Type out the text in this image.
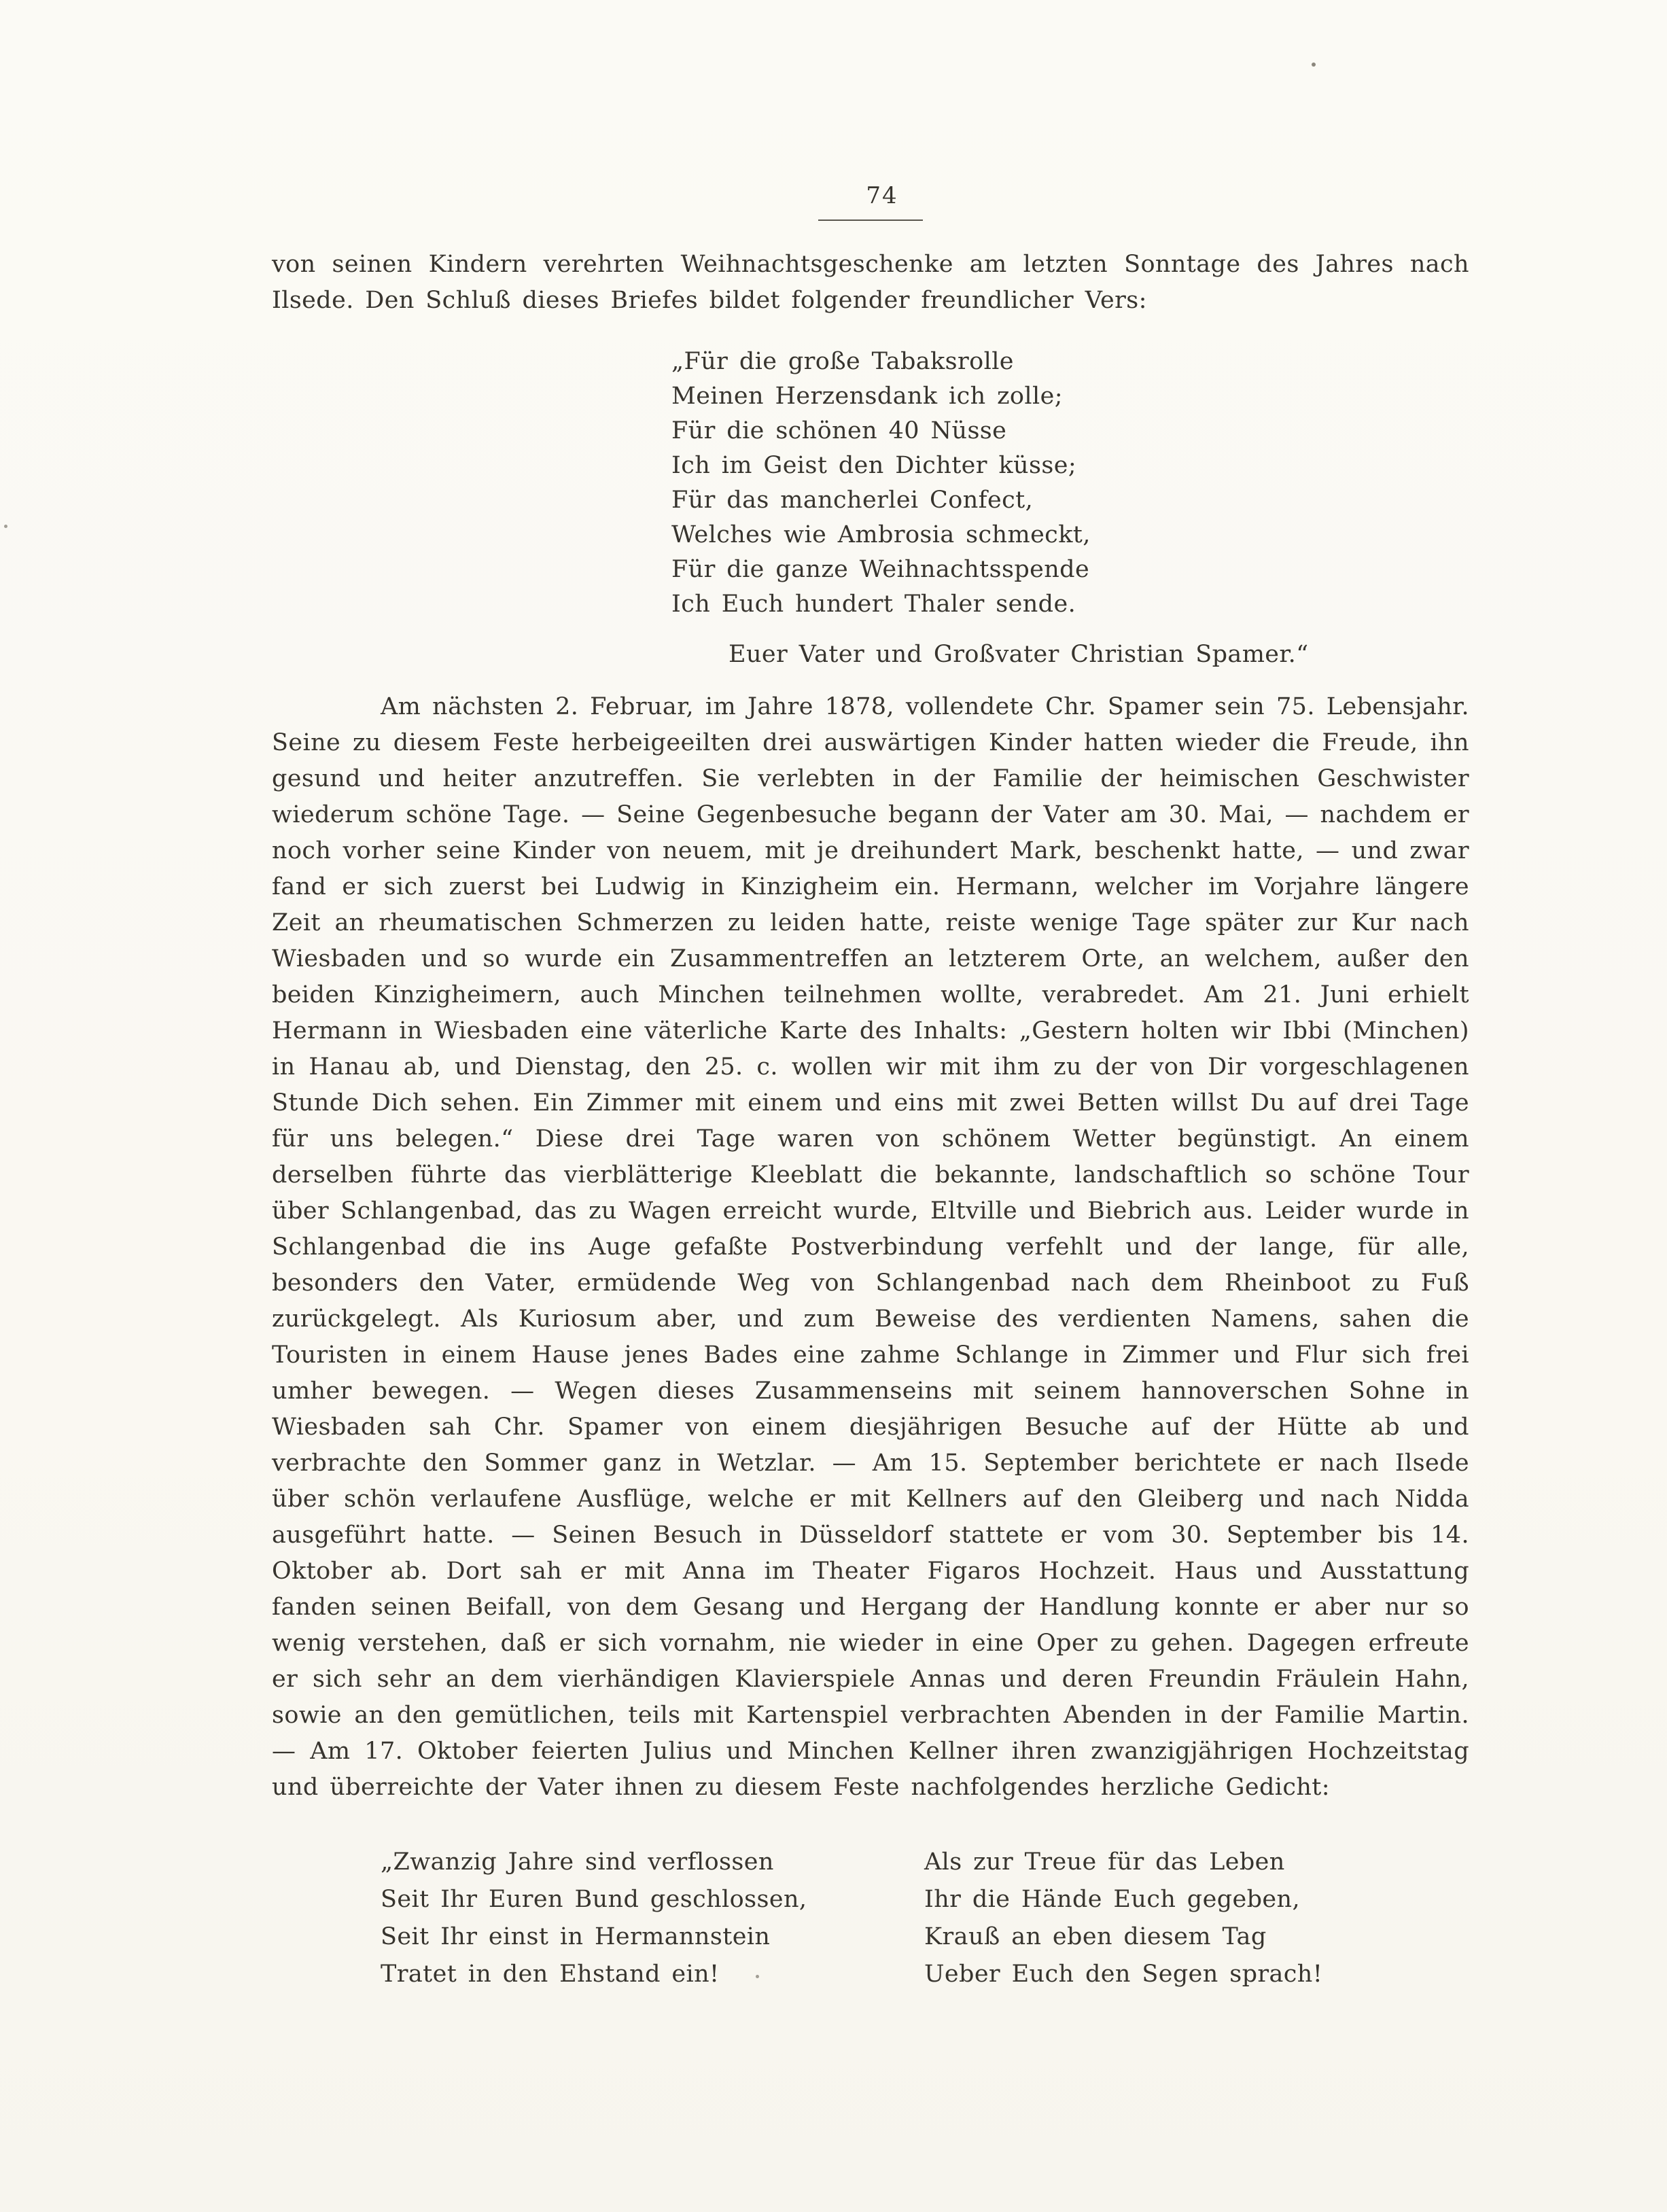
74

von seinen Kindern verehrten Weihnachtsgeschenke am letzten Sonntage des Jahres nach Ilsede. Den Schluß dieses Briefes bildet folgender freundlicher Vers:

„Für die große Tabaksrolle
Meinen Herzensdank ich zolle;
Für die schönen 40 Nüsse
Ich im Geist den Dichter küsse;
Für das mancherlei Confect,
Welches wie Ambrosia schmeckt,
Für die ganze Weihnachtsspende
Ich Euch hundert Thaler sende.
Euer Vater und Großvater Christian Spamer.“

Am nächsten 2. Februar, im Jahre 1878, vollendete Chr. Spamer sein 75. Lebensjahr. Seine zu diesem Feste herbeigeeilten drei auswärtigen Kinder hatten wieder die Freude, ihn gesund und heiter anzutreffen. Sie verlebten in der Familie der heimischen Geschwister wiederum schöne Tage. — Seine Gegenbesuche begann der Vater am 30. Mai, — nachdem er noch vorher seine Kinder von neuem, mit je dreihundert Mark, beschenkt hatte, — und zwar fand er sich zuerst bei Ludwig in Kinzigheim ein. Hermann, welcher im Vorjahre längere Zeit an rheumatischen Schmerzen zu leiden hatte, reiste wenige Tage später zur Kur nach Wiesbaden und so wurde ein Zusammentreffen an letzterem Orte, an welchem, außer den beiden Kinzigheimern, auch Minchen teilnehmen wollte, verabredet. Am 21. Juni erhielt Hermann in Wiesbaden eine väterliche Karte des Inhalts: „Gestern holten wir Ibbi (Minchen) in Hanau ab, und Dienstag, den 25. c. wollen wir mit ihm zu der von Dir vorgeschlagenen Stunde Dich sehen. Ein Zimmer mit einem und eins mit zwei Betten willst Du auf drei Tage für uns belegen.“ Diese drei Tage waren von schönem Wetter begünstigt. An einem derselben führte das vierblätterige Kleeblatt die bekannte, landschaftlich so schöne Tour über Schlangenbad, das zu Wagen erreicht wurde, Eltville und Biebrich aus. Leider wurde in Schlangenbad die ins Auge gefaßte Postverbindung verfehlt und der lange, für alle, besonders den Vater, ermüdende Weg von Schlangenbad nach dem Rheinboot zu Fuß zurückgelegt. Als Kuriosum aber, und zum Beweise des verdienten Namens, sahen die Touristen in einem Hause jenes Bades eine zahme Schlange in Zimmer und Flur sich frei umher bewegen. — Wegen dieses Zusammenseins mit seinem hannoverschen Sohne in Wiesbaden sah Chr. Spamer von einem diesjährigen Besuche auf der Hütte ab und verbrachte den Sommer ganz in Wetzlar. — Am 15. September berichtete er nach Ilsede über schön verlaufene Ausflüge, welche er mit Kellners auf den Gleiberg und nach Nidda ausgeführt hatte. — Seinen Besuch in Düsseldorf stattete er vom 30. September bis 14. Oktober ab. Dort sah er mit Anna im Theater Figaros Hochzeit. Haus und Ausstattung fanden seinen Beifall, von dem Gesang und Hergang der Handlung konnte er aber nur so wenig verstehen, daß er sich vornahm, nie wieder in eine Oper zu gehen. Dagegen erfreute er sich sehr an dem vierhändigen Klavierspiele Annas und deren Freundin Fräulein Hahn, sowie an den gemütlichen, teils mit Kartenspiel verbrachten Abenden in der Familie Martin. — Am 17. Oktober feierten Julius und Minchen Kellner ihren zwanzigjährigen Hochzeitstag und überreichte der Vater ihnen zu diesem Feste nachfolgendes herzliche Gedicht:

„Zwanzig Jahre sind verflossen
Seit Ihr Euren Bund geschlossen,
Seit Ihr einst in Hermannstein
Tratet in den Ehstand ein!
Als zur Treue für das Leben
Ihr die Hände Euch gegeben,
Krauß an eben diesem Tag
Ueber Euch den Segen sprach!
